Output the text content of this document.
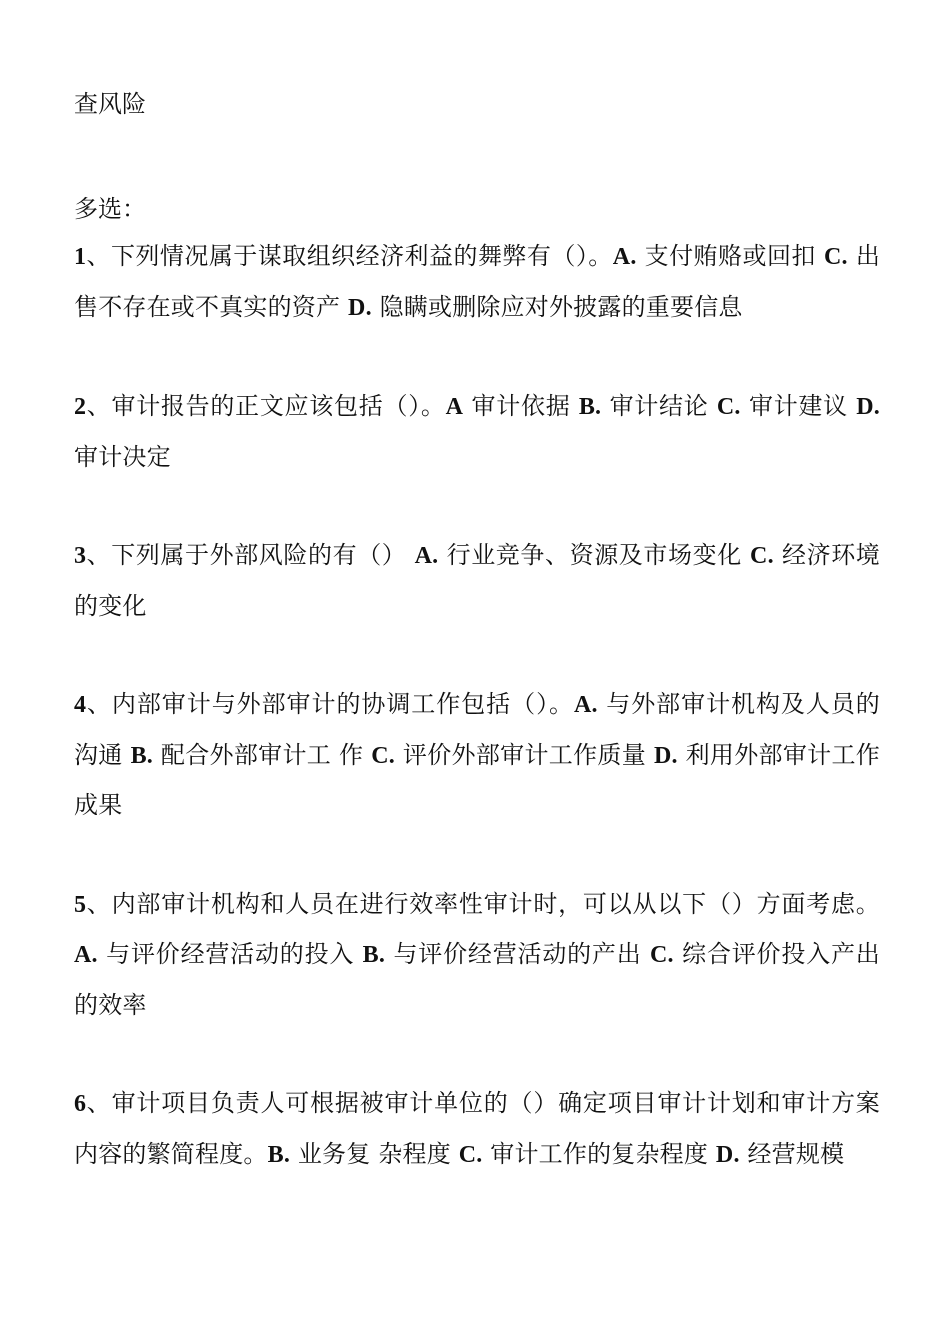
查风险

多选：

1、下列情况属于谋取组织经济利益的舞弊有（）。A. 支付贿赂或回扣 C. 出售不存在或不真实的资产 D. 隐瞒或删除应对外披露的重要信息

2、审计报告的正文应该包括（）。A 审计依据 B. 审计结论 C. 审计建议 D. 审计决定

3、下列属于外部风险的有（） A. 行业竞争、资源及市场变化 C. 经济环境的变化

4、内部审计与外部审计的协调工作包括（）。A. 与外部审计机构及人员的沟通 B. 配合外部审计工 作 C. 评价外部审计工作质量 D. 利用外部审计工作成果

5、内部审计机构和人员在进行效率性审计时，可以从以下（）方面考虑。A. 与评价经营活动的投入 B. 与评价经营活动的产出 C. 综合评价投入产出的效率

6、审计项目负责人可根据被审计单位的（）确定项目审计计划和审计方案内容的繁简程度。B. 业务复 杂程度 C. 审计工作的复杂程度 D. 经营规模
